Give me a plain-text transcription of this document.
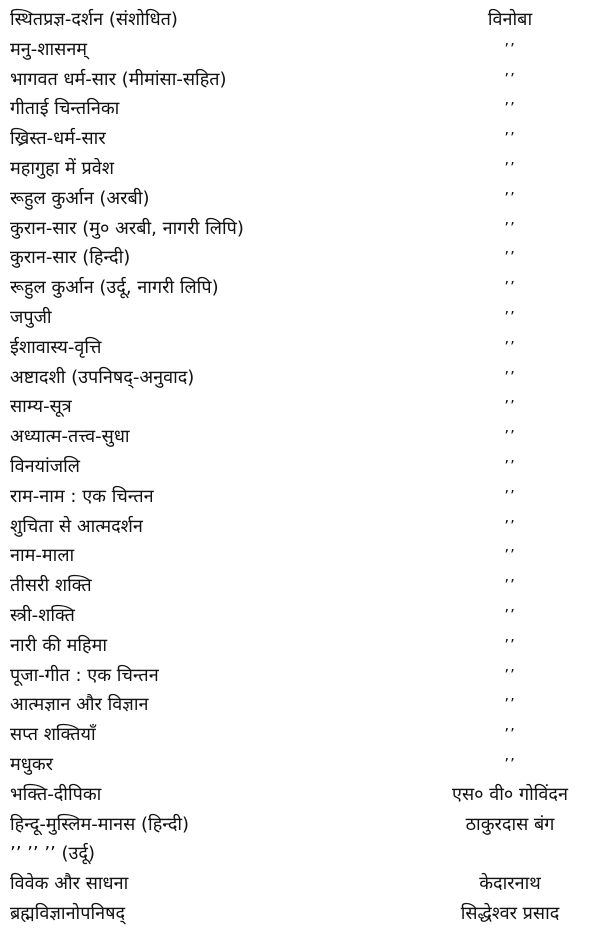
स्थितप्रज्ञ-दर्शन (संशोधित)	विनोबा
मनु-शासनम्	’’
भागवत धर्म-सार (मीमांसा-सहित)	’’
गीताई चिन्तनिका	’’
ख्रिस्त-धर्म-सार	’’
महागुहा में प्रवेश	’’
रूहुल कुर्आन (अरबी)	’’
कुरान-सार (मु० अरबी, नागरी लिपि)	’’
कुरान-सार (हिन्दी)	’’
रूहुल कुर्आन (उर्दू, नागरी लिपि)	’’
जपुजी	’’
ईशावास्य-वृत्ति	’’
अष्टादशी (उपनिषद्-अनुवाद)	’’
साम्य-सूत्र	’’
अध्यात्म-तत्त्व-सुधा	’’
विनयांजलि	’’
राम-नाम : एक चिन्तन	’’
शुचिता से आत्मदर्शन	’’
नाम-माला	’’
तीसरी शक्ति	’’
स्त्री-शक्ति	’’
नारी की महिमा	’’
पूजा-गीत : एक चिन्तन	’’
आत्मज्ञान और विज्ञान	’’
सप्त शक्तियाँ	’’
मधुकर	’’
भक्ति-दीपिका	एस० वी० गोविंदन
हिन्दू-मुस्लिम-मानस (हिन्दी)	ठाकुरदास बंग
’’ ’’ ’’ (उर्दू)
विवेक और साधना	केदारनाथ
ब्रह्मविज्ञानोपनिषद्	सिद्धेश्वर प्रसाद
